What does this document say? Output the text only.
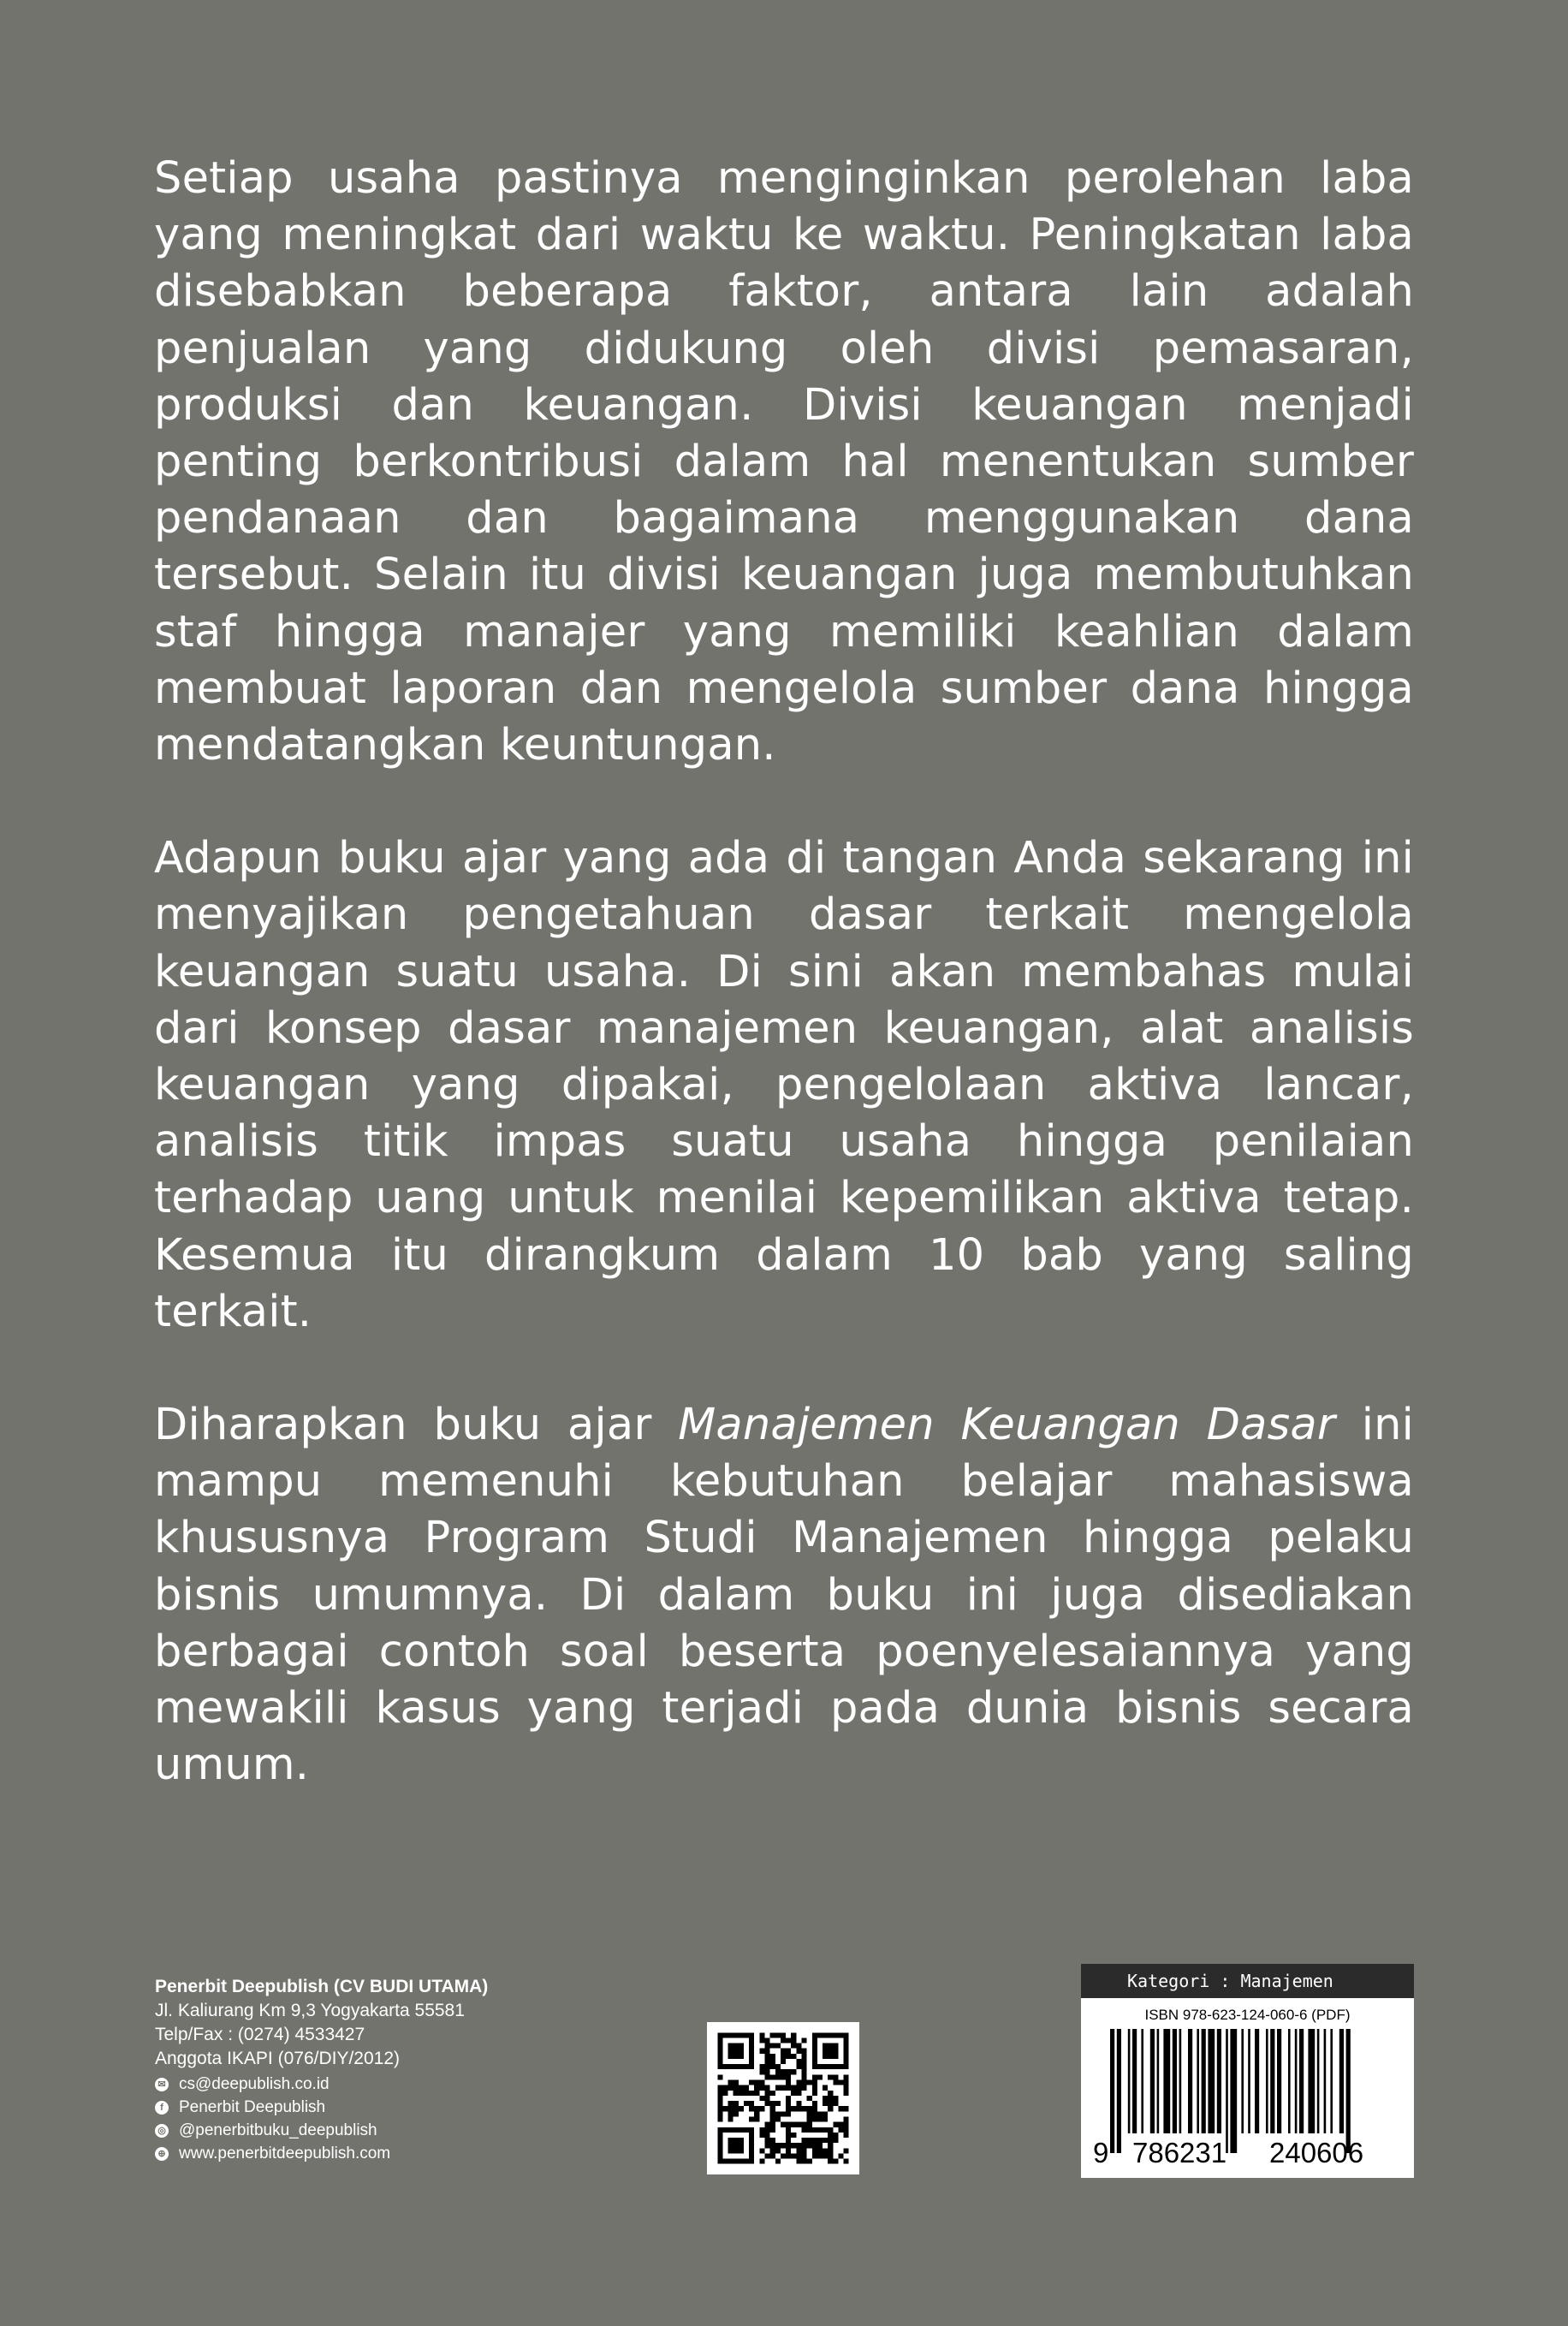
Setiap usaha pastinya menginginkan perolehan laba yang meningkat dari waktu ke waktu. Peningkatan laba disebabkan beberapa faktor, antara lain adalah penjualan yang didukung oleh divisi pemasaran, produksi dan keuangan. Divisi keuangan menjadi penting berkontribusi dalam hal menentukan sumber pendanaan dan bagaimana menggunakan dana tersebut. Selain itu divisi keuangan juga membutuhkan staf hingga manajer yang memiliki keahlian dalam membuat laporan dan mengelola sumber dana hingga mendatangkan keuntungan.

Adapun buku ajar yang ada di tangan Anda sekarang ini menyajikan pengetahuan dasar terkait mengelola keuangan suatu usaha. Di sini akan membahas mulai dari konsep dasar manajemen keuangan, alat analisis keuangan yang dipakai, pengelolaan aktiva lancar, analisis titik impas suatu usaha hingga penilaian terhadap uang untuk menilai kepemilikan aktiva tetap. Kesemua itu dirangkum dalam 10 bab yang saling terkait.

Diharapkan buku ajar Manajemen Keuangan Dasar ini mampu memenuhi kebutuhan belajar mahasiswa khususnya Program Studi Manajemen hingga pelaku bisnis umumnya. Di dalam buku ini juga disediakan berbagai contoh soal beserta poenyelesaiannya yang mewakili kasus yang terjadi pada dunia bisnis secara umum.

Penerbit Deepublish (CV BUDI UTAMA)
Jl. Kaliurang Km 9,3 Yogyakarta 55581
Telp/Fax : (0274) 4533427
Anggota IKAPI (076/DIY/2012)
✉ cs@deepublish.co.id
f Penerbit Deepublish
◎ @penerbitbuku_deepublish
⊕ www.penerbitdeepublish.com
Kategori : Manajemen
ISBN 978-623-124-060-6 (PDF)
9 786231 240606
